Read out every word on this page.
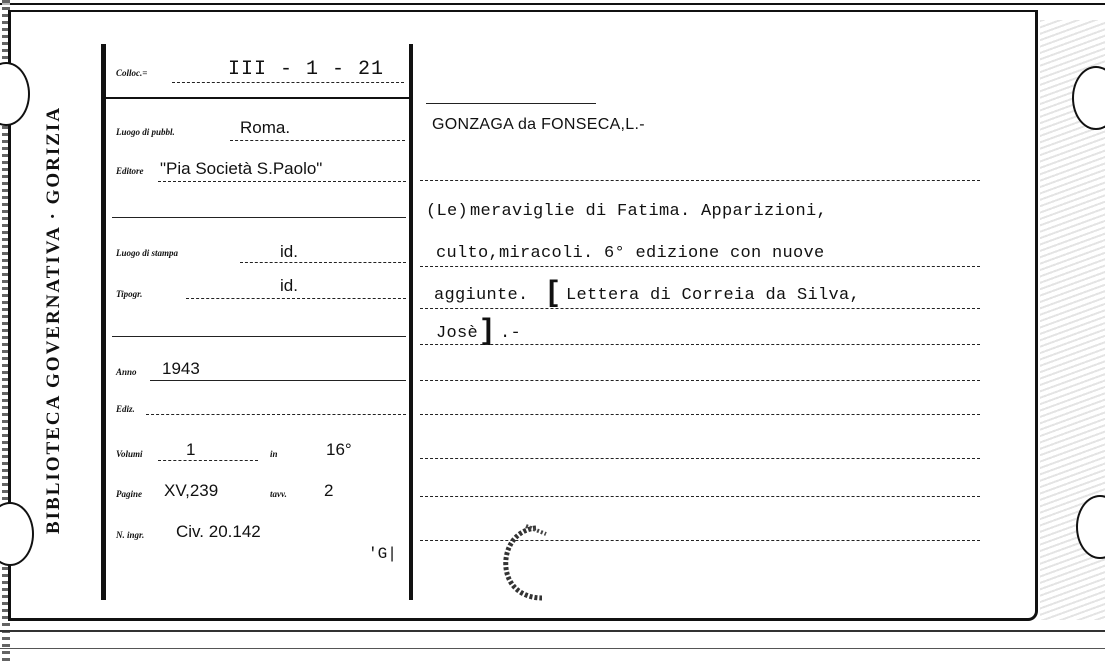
BIBLIOTECA GOVERNATIVA · GORIZIA
Colloc.=	III - 1 - 21
Luogo di pubbl.	Roma.
Editore "Pia Società S.Paolo"
Luogo di stampa	id.
Tipogr.	id.
Anno 1943
Ediz.
Volumi	1	in	16°
Pagine XV,239	tavv. 2
N. ingr. Civ. 20.142
'G|
GONZAGA da FONSECA,L.-
(Le) meraviglie di Fatima. Apparizioni,
culto,miracoli. 6° edizione con nuove
aggiunte. [ Lettera di Correia da Silva,
Josè ] .-
